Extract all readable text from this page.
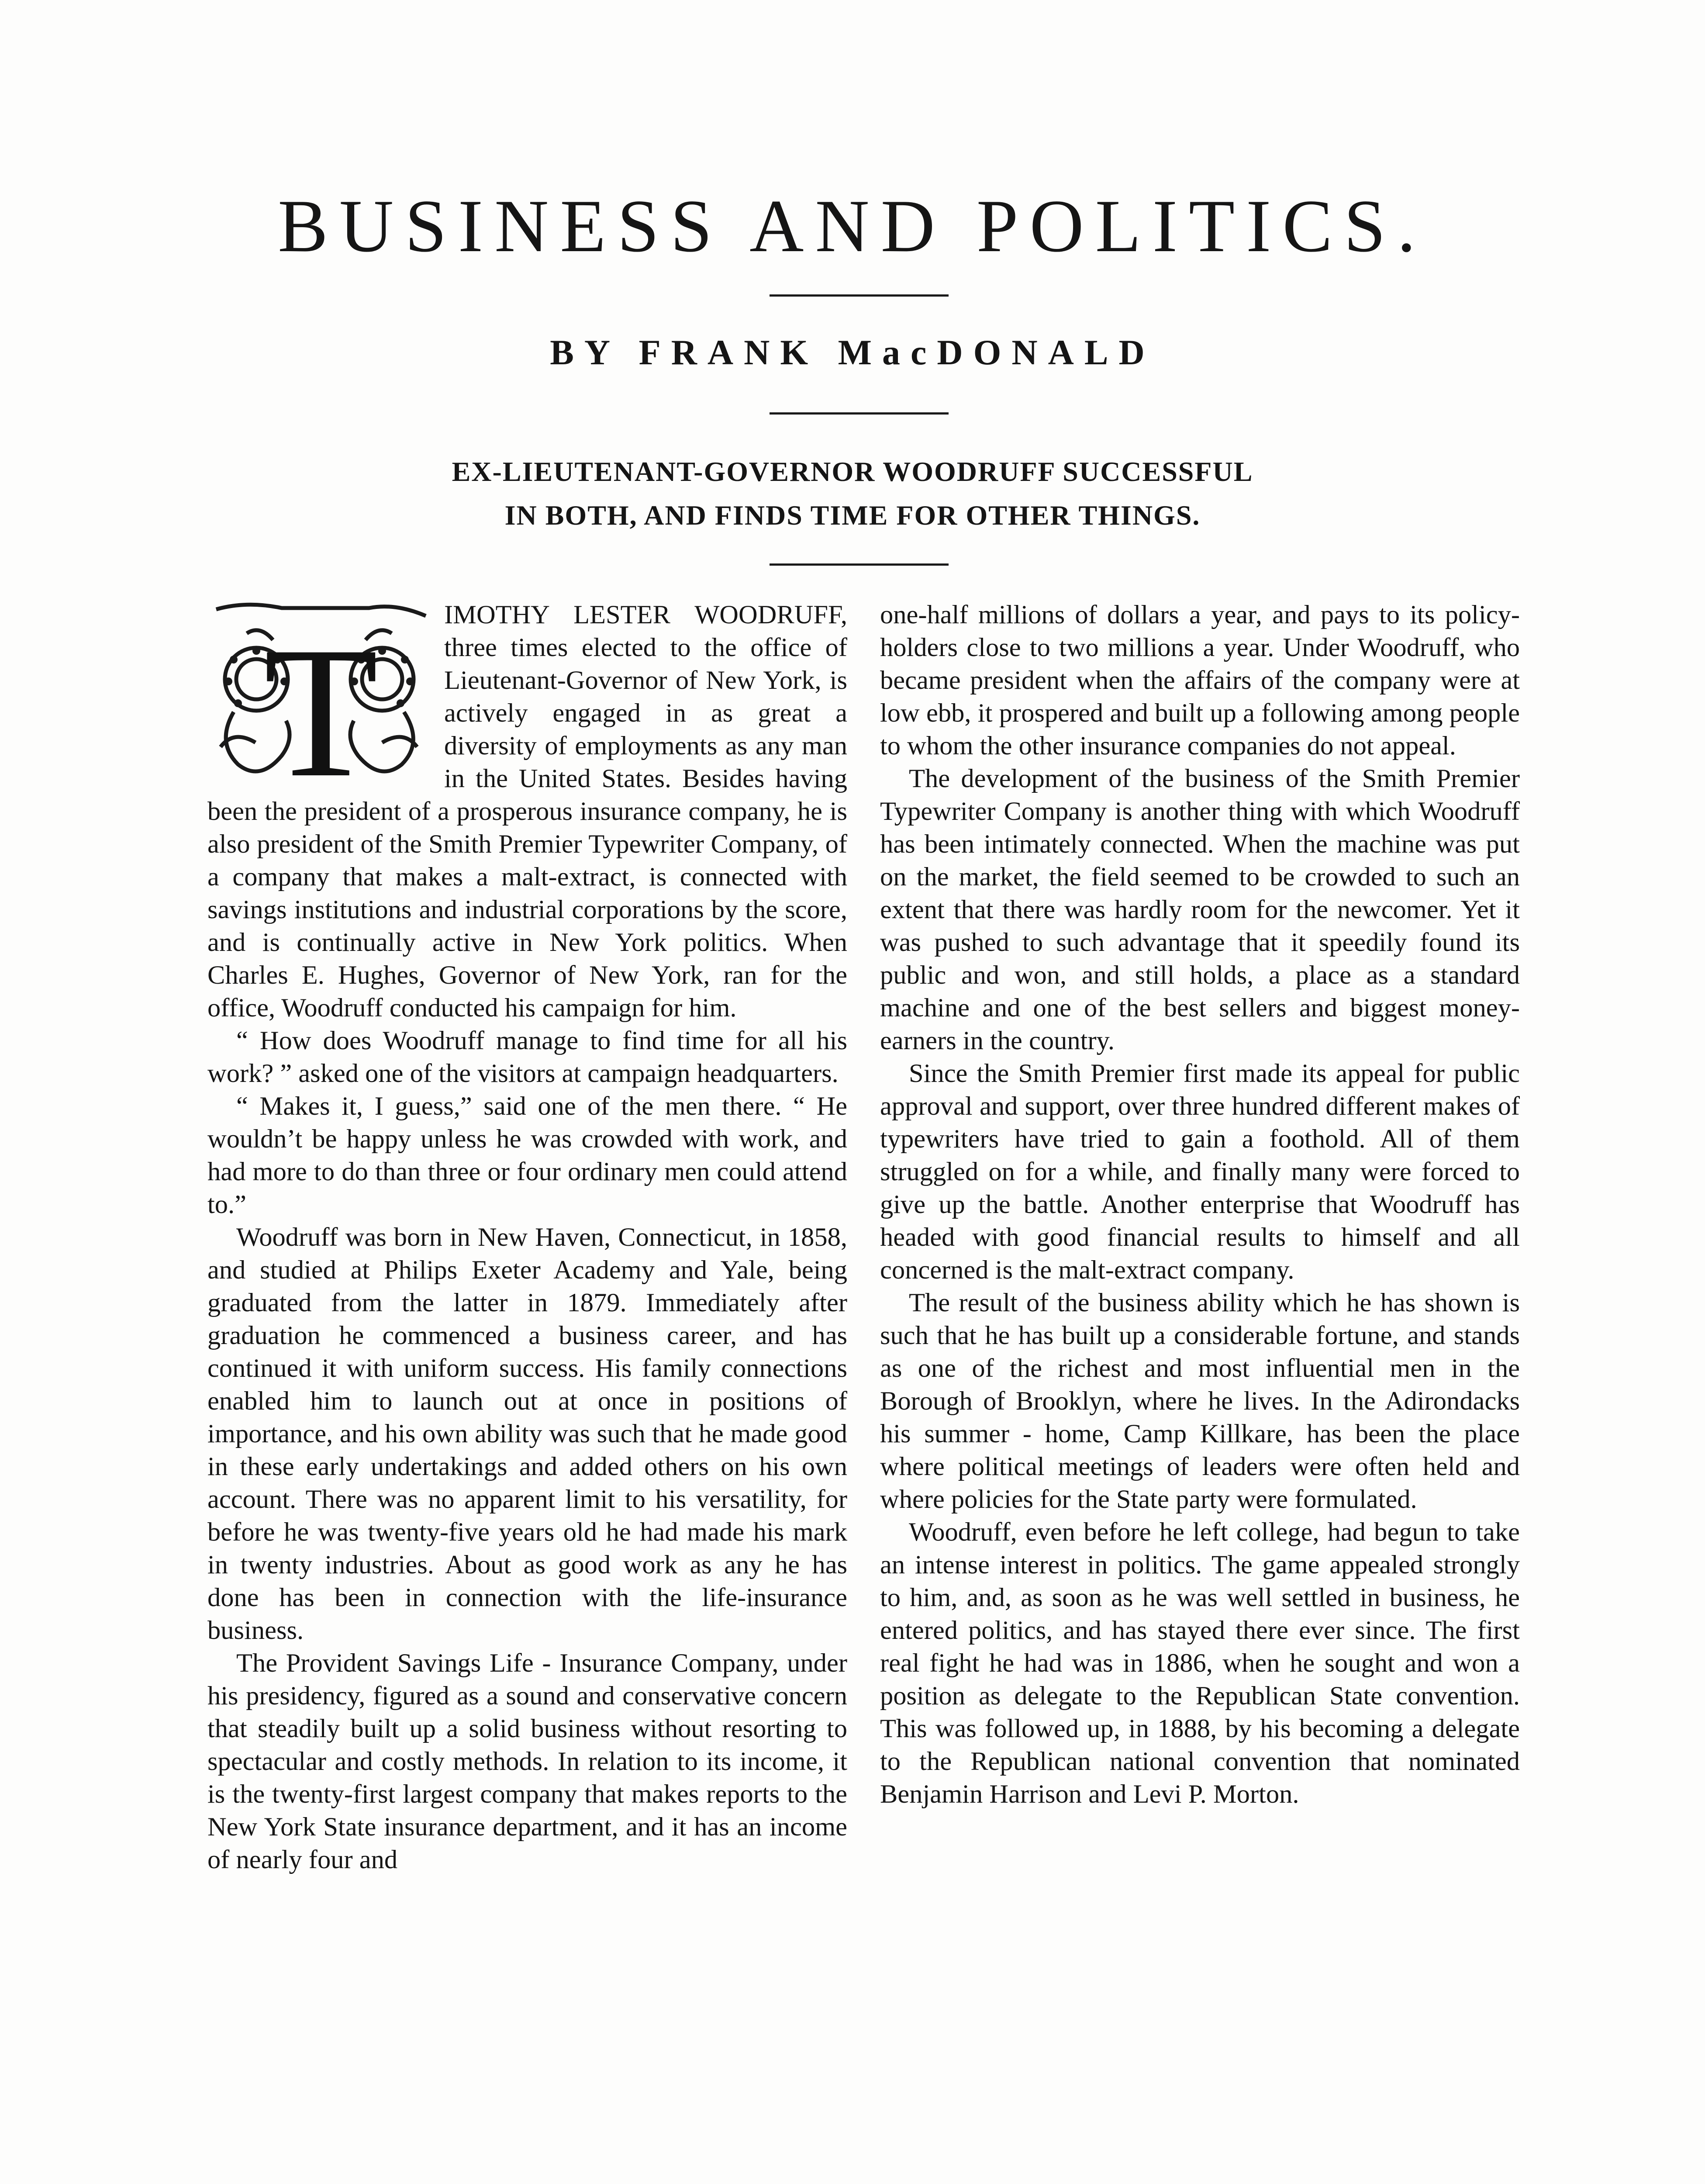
BUSINESS AND POLITICS.
BY FRANK MacDONALD
EX-LIEUTENANT-GOVERNOR WOODRUFF SUCCESSFUL
IN BOTH, AND FINDS TIME FOR OTHER THINGS.
T	IMOTHY LESTER WOODRUFF, three times elected to the office of Lieutenant-Governor of New York, is actively engaged in as great a diversity of employments as any man in the United States. Besides having been the president of a prosperous insurance company, he is also president of the Smith Premier Typewriter Company, of a company that makes a malt-extract, is connected with savings institutions and industrial corporations by the score, and is continually active in New York politics. When Charles E. Hughes, Governor of New York, ran for the office, Woodruff conducted his campaign for him.

“ How does Woodruff manage to find time for all his work? ” asked one of the visitors at campaign headquarters.

“ Makes it, I guess,” said one of the men there. “ He wouldn’t be happy unless he was crowded with work, and had more to do than three or four ordinary men could attend to.”

Woodruff was born in New Haven, Connecticut, in 1858, and studied at Philips Exeter Academy and Yale, being graduated from the latter in 1879. Immediately after graduation he commenced a business career, and has continued it with uniform success. His family connections enabled him to launch out at once in positions of importance, and his own ability was such that he made good in these early undertakings and added others on his own account. There was no apparent limit to his versatility, for before he was twenty-five years old he had made his mark in twenty industries. About as good work as any he has done has been in connection with the life-insurance business.

The Provident Savings Life - Insurance Company, under his presidency, figured as a sound and conservative concern that steadily built up a solid business without resorting to spectacular and costly methods. In relation to its income, it is the twenty-first largest company that makes reports to the New York State insurance department, and it has an income of nearly four and

one-half millions of dollars a year, and pays to its policy-holders close to two millions a year. Under Woodruff, who became president when the affairs of the company were at low ebb, it prospered and built up a following among people to whom the other insurance companies do not appeal.

The development of the business of the Smith Premier Typewriter Company is another thing with which Woodruff has been intimately connected. When the machine was put on the market, the field seemed to be crowded to such an extent that there was hardly room for the newcomer. Yet it was pushed to such advantage that it speedily found its public and won, and still holds, a place as a standard machine and one of the best sellers and biggest money-earners in the country.

Since the Smith Premier first made its appeal for public approval and support, over three hundred different makes of typewriters have tried to gain a foothold. All of them struggled on for a while, and finally many were forced to give up the battle. Another enterprise that Woodruff has headed with good financial results to himself and all concerned is the malt-extract company.

The result of the business ability which he has shown is such that he has built up a considerable fortune, and stands as one of the richest and most influential men in the Borough of Brooklyn, where he lives. In the Adirondacks his summer - home, Camp Killkare, has been the place where political meetings of leaders were often held and where policies for the State party were formulated.

Woodruff, even before he left college, had begun to take an intense interest in politics. The game appealed strongly to him, and, as soon as he was well settled in business, he entered politics, and has stayed there ever since. The first real fight he had was in 1886, when he sought and won a position as delegate to the Republican State convention. This was followed up, in 1888, by his becoming a delegate to the Republican national convention that nominated Benjamin Harrison and Levi P. Morton.
